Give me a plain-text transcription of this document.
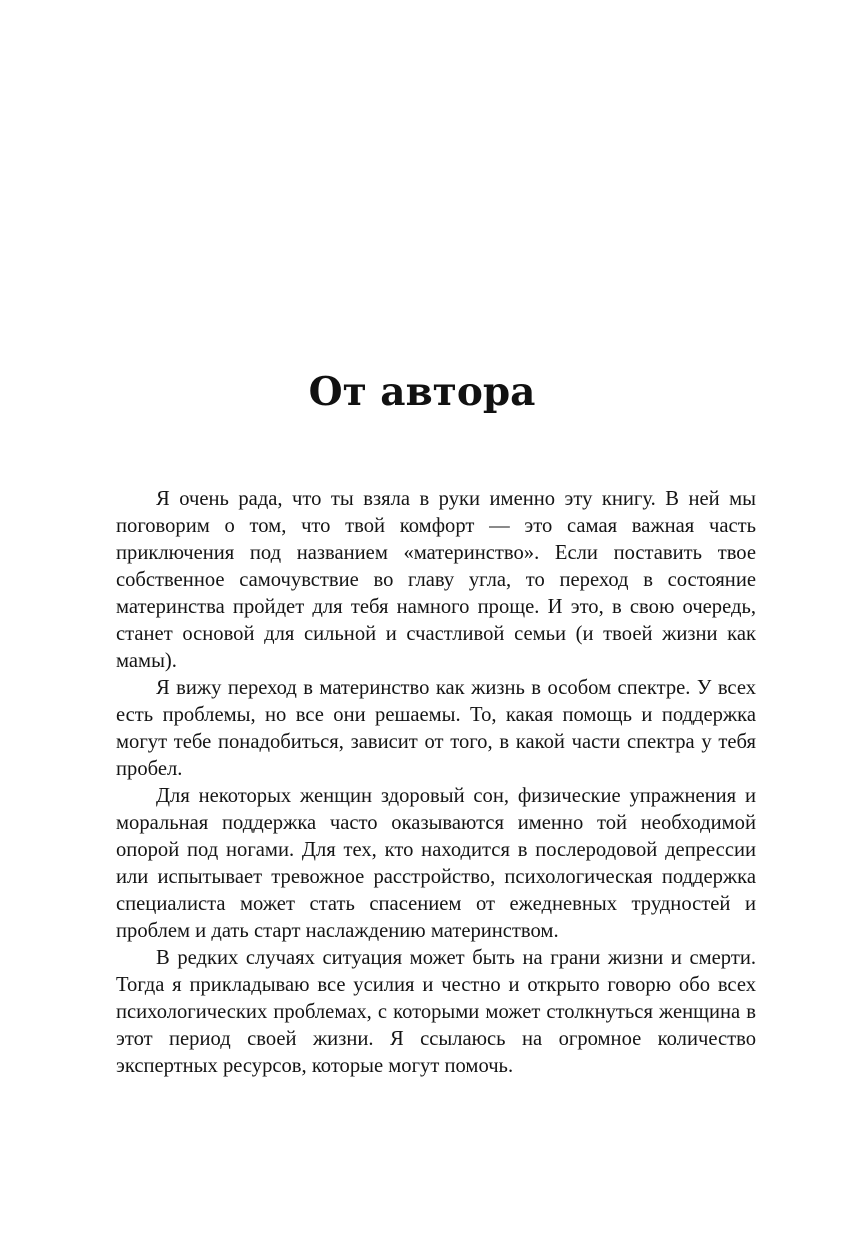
От автора

Я очень рада, что ты взяла в руки именно эту книгу. В ней мы поговорим о том, что твой комфорт — это самая важная часть приключения под названием «материнство». Если поставить твое собственное самочувствие во главу угла, то переход в состояние материнства пройдет для тебя намного проще. И это, в свою очередь, станет основой для сильной и счастливой семьи (и твоей жизни как мамы).

Я вижу переход в материнство как жизнь в особом спектре. У всех есть проблемы, но все они решаемы. То, какая помощь и поддержка могут тебе понадобиться, зависит от того, в какой части спектра у тебя пробел.

Для некоторых женщин здоровый сон, физические упражнения и моральная поддержка часто оказываются именно той необходимой опорой под ногами. Для тех, кто находится в послеродовой депрессии или испытывает тревожное расстройство, психологическая поддержка специалиста может стать спасением от ежедневных трудностей и проблем и дать старт наслаждению материнством.

В редких случаях ситуация может быть на грани жизни и смерти. Тогда я прикладываю все усилия и честно и открыто говорю обо всех психологических проблемах, с которыми может столкнуться женщина в этот период своей жизни. Я ссылаюсь на огромное количество экспертных ресурсов, которые могут помочь.
